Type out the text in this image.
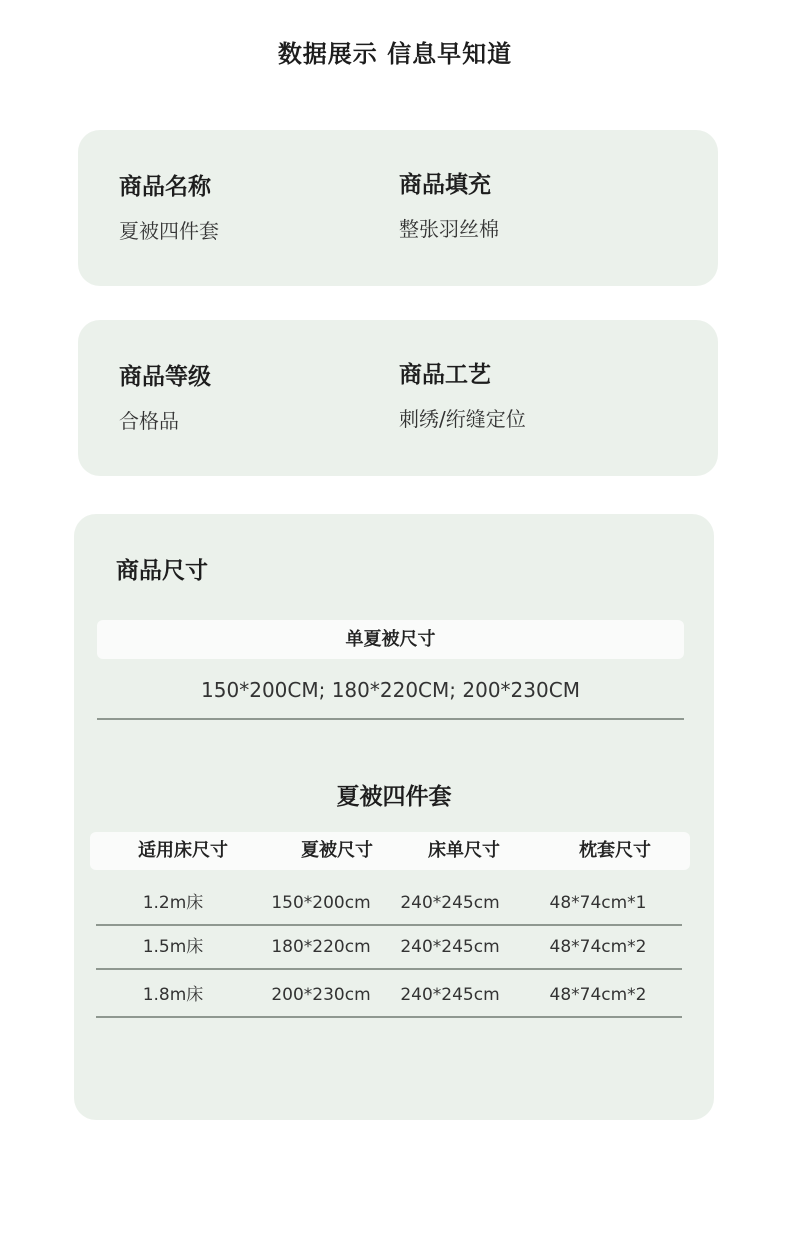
数据展示 信息早知道
商品名称
夏被四件套
商品填充
整张羽丝棉
商品等级
合格品
商品工艺
刺绣/绗缝定位
商品尺寸
单夏被尺寸
150*200CM; 180*220CM; 200*230CM
夏被四件套
适用床尺寸	夏被尺寸	床单尺寸	枕套尺寸
1.2m床	150*200cm	240*245cm	48*74cm*1
1.5m床	180*220cm	240*245cm	48*74cm*2
1.8m床	200*230cm	240*245cm	48*74cm*2
